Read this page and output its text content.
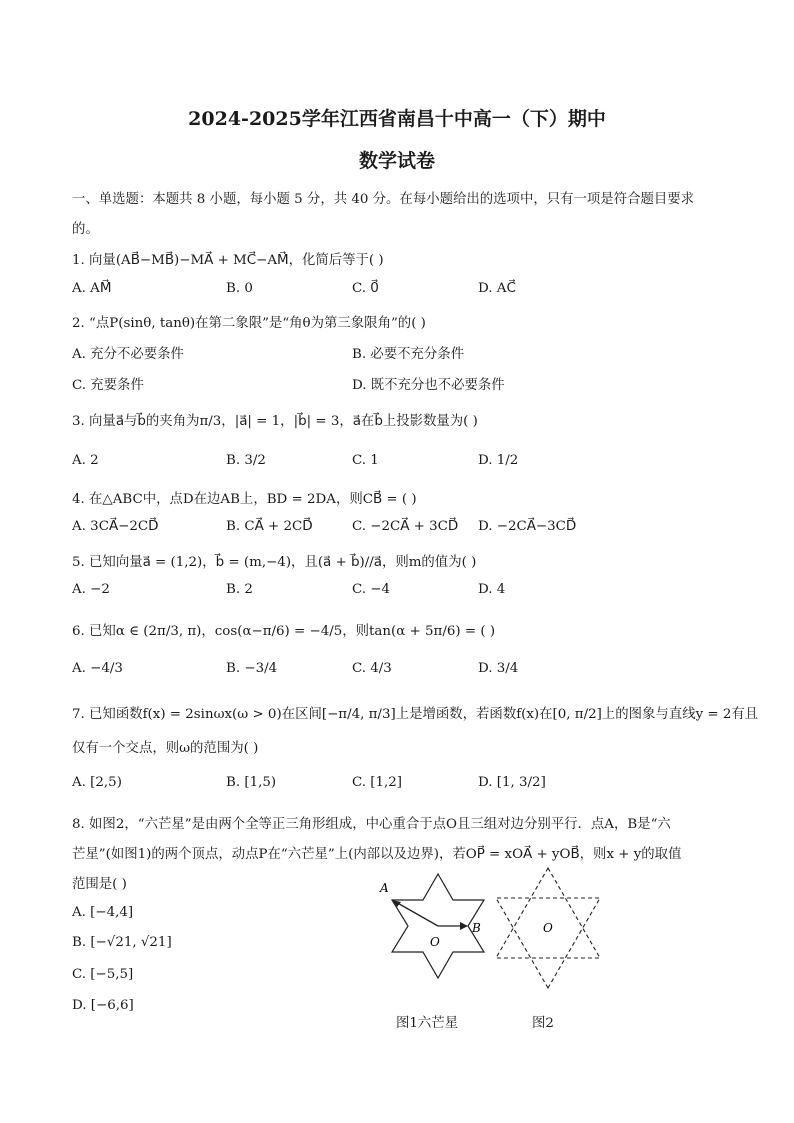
2024-2025学年江西省南昌十中高一（下）期中
数学试卷
一、单选题：本题共 8 小题，每小题 5 分，共 40 分。在每小题给出的选项中，只有一项是符合题目要求
的。
1. 向量(AB⃗−MB⃗)−MA⃗ + MC⃗−AM⃗，化简后等于( )
A. AM⃗	B. 0	C. 0⃗	D. AC⃗
2. “点P(sinθ, tanθ)在第二象限”是“角θ为第三象限角”的( )
A. 充分不必要条件	B. 必要不充分条件
C. 充要条件	D. 既不充分也不必要条件
3. 向量a⃗与b⃗的夹角为π/3，|a⃗| = 1，|b⃗| = 3，a⃗在b⃗上投影数量为( )
A. 2	B. 3/2	C. 1	D. 1/2
4. 在△ABC中，点D在边AB上，BD = 2DA，则CB⃗ = ( )
A. 3CA⃗−2CD⃗	B. CA⃗ + 2CD⃗	C. −2CA⃗ + 3CD⃗ D. −2CA⃗−3CD⃗
5. 已知向量a⃗ = (1,2)，b⃗ = (m,−4)，且(a⃗ + b⃗)//a⃗，则m的值为( )
A. −2	B. 2	C. −4	D. 4
6. 已知α ∈ (2π/3, π)，cos(α−π/6) = −4/5，则tan(α + 5π/6) = ( )
A. −4/3	B. −3/4	C. 4/3	D. 3/4
7. 已知函数f(x) = 2sinωx(ω > 0)在区间[−π/4, π/3]上是增函数，若函数f(x)在[0, π/2]上的图象与直线y = 2有且
仅有一个交点，则ω的范围为( )
A. [2,5)	B. [1,5)	C. [1,2]	D. [1, 3/2]
8. 如图2，“六芒星”是由两个全等正三角形组成，中心重合于点O且三组对边分别平行．点A，B是“六
芒星”(如图1)的两个顶点，动点P在“六芒星”上(内部以及边界)，若OP⃗ = xOA⃗ + yOB⃗，则x + y的取值
范围是( )
A. [−4,4]
B. [−√21, √21]
C. [−5,5]
D. [−6,6]
A
B
O
图1六芒星
O
图2
